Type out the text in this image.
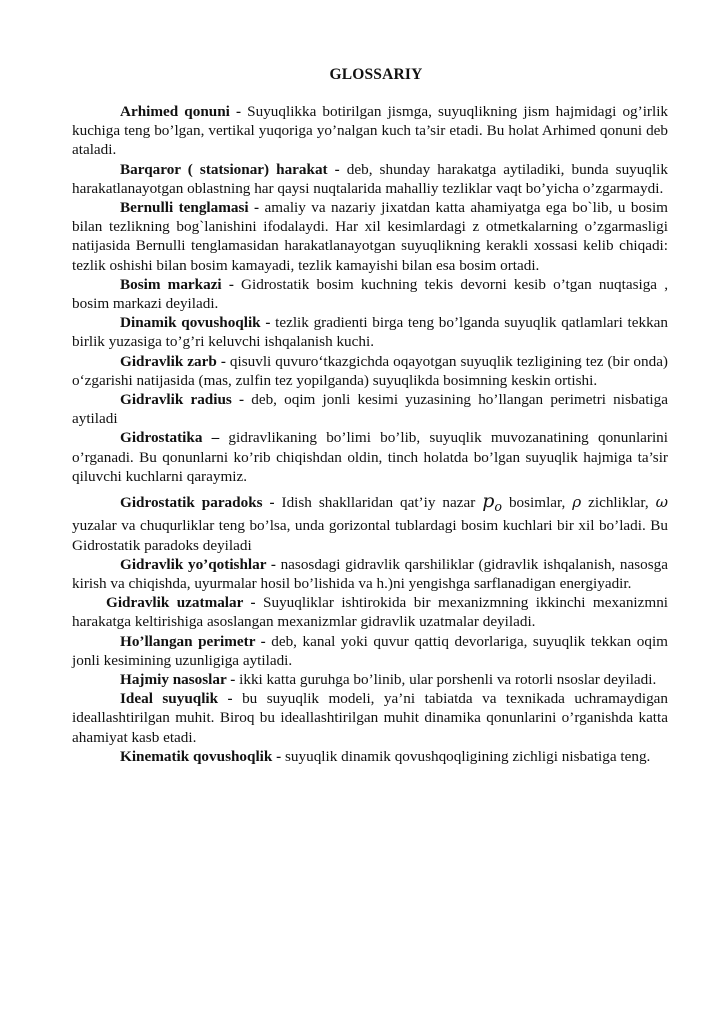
GLOSSARIY

Arhimed qonuni - Suyuqlikka botirilgan jismga, suyuqlikning jism hajmidagi og’irlik kuchiga teng bo’lgan, vertikal yuqoriga yo’nalgan kuch ta’sir etadi. Bu holat Arhimed qonuni deb ataladi.

Barqaror ( statsionar) harakat - deb, shunday harakatga aytiladiki, bunda suyuqlik harakatlanayotgan oblastning har qaysi nuqtalarida mahalliy tezliklar vaqt bo’yicha o’zgarmaydi.

Bernulli tenglamasi - amaliy va nazariy jixatdan katta ahamiyatga ega bo`lib, u bosim bilan tezlikning bog`lanishini ifodalaydi. Har xil kesimlardagi z otmetkalarning o’zgarmasligi natijasida Bernulli tenglamasidan harakatlanayotgan suyuqlikning kerakli xossasi kelib chiqadi: tezlik oshishi bilan bosim kamayadi, tezlik kamayishi bilan esa bosim ortadi.

Bosim markazi - Gidrostatik bosim kuchning tekis devorni kesib o’tgan nuqtasiga , bosim markazi deyiladi.

Dinamik qovushoqlik - tezlik gradienti birga teng bo’lganda suyuqlik qatlamlari tekkan birlik yuzasiga to’g’ri keluvchi ishqalanish kuchi.

Gidravlik zarb - qisuvli quvuro‘tkazgichda oqayotgan suyuqlik tezligining tez (bir onda) o‘zgarishi natijasida (mas, zulfin tez yopilganda) suyuqlikda bosimning keskin ortishi.

Gidravlik radius - deb, oqim jonli kesimi yuzasining ho’llangan perimetri nisbatiga aytiladi

Gidrostatika – gidravlikaning bo’limi bo’lib, suyuqlik muvozanatining qonunlarini o’rganadi. Bu qonunlarni ko’rib chiqishdan oldin, tinch holatda bo’lgan suyuqlik hajmiga ta’sir qiluvchi kuchlarni qaraymiz.

Gidrostatik paradoks - Idish shakllaridan qat’iy nazar $p_o$ bosimlar, ρ zichliklar, ω yuzalar va chuqurliklar teng bo’lsa, unda gorizontal tublardagi bosim kuchlari bir xil bo’ladi. Bu Gidrostatik paradoks deyiladi

Gidravlik yo’qotishlar - nasosdagi gidravlik qarshiliklar (gidravlik ishqalanish, nasosga kirish va chiqishda, uyurmalar hosil bo’lishida va h.)ni yengishga sarflanadigan energiyadir.

Gidravlik uzatmalar - Suyuqliklar ishtirokida bir mexanizmning ikkinchi mexanizmni harakatga keltirishiga asoslangan mexanizmlar gidravlik uzatmalar deyiladi.

Ho’llangan perimetr - deb, kanal yoki quvur qattiq devorlariga, suyuqlik tekkan oqim jonli kesimining uzunligiga aytiladi.

Hajmiy nasoslar - ikki katta guruhga bo’linib, ular porshenli va rotorli nsoslar deyiladi.

Ideal suyuqlik - bu suyuqlik modeli, ya’ni tabiatda va texnikada uchramaydigan ideallashtirilgan muhit. Biroq bu ideallashtirilgan muhit dinamika qonunlarini o’rganishda katta ahamiyat kasb etadi.

Kinematik qovushoqlik - suyuqlik dinamik qovushqoqligining zichligi nisbatiga teng.
